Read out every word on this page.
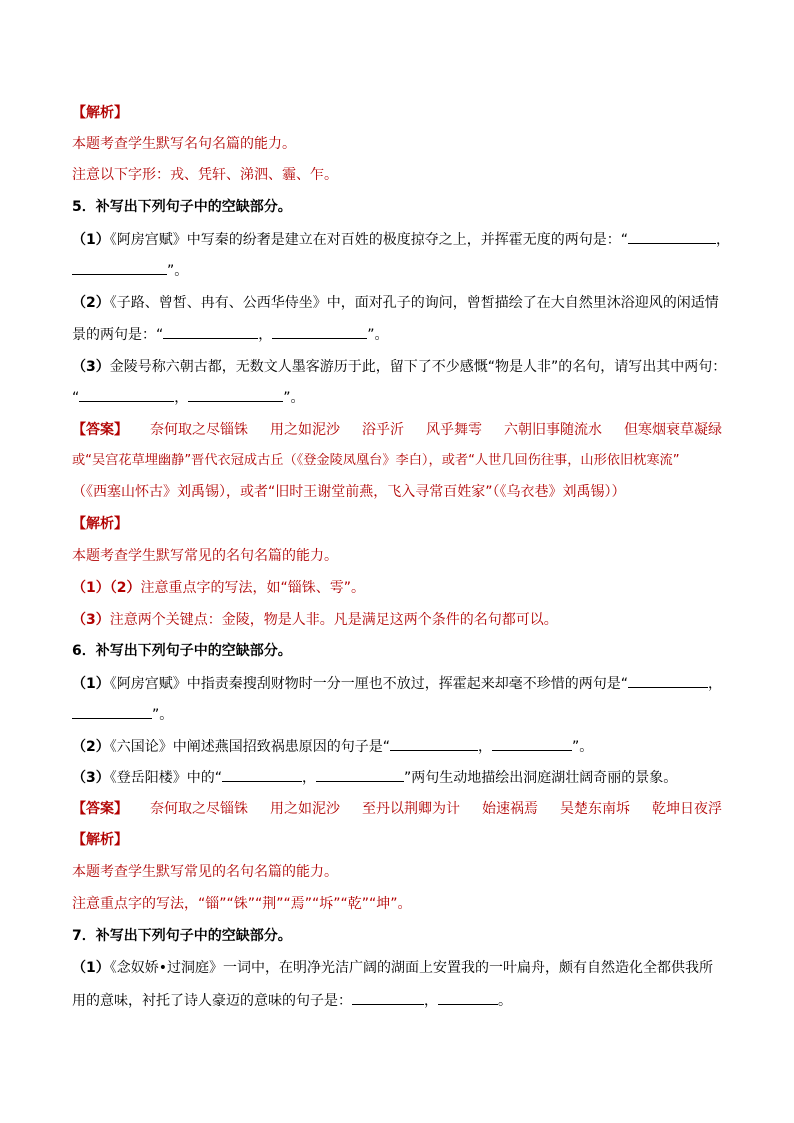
【解析】
本题考查学生默写名句名篇的能力。
注意以下字形：戎、凭轩、涕泗、霾、乍。
5．补写出下列句子中的空缺部分。
（1）《阿房宫赋》中写秦的纷奢是建立在对百姓的极度掠夺之上，并挥霍无度的两句是：“	，
”。
（2）《子路、曾皙、冉有、公西华侍坐》中，面对孔子的询问，曾皙描绘了在大自然里沐浴迎风的闲适情
景的两句是：“	，	”。
（3）金陵号称六朝古都，无数文人墨客游历于此，留下了不少感慨“物是人非”的名句，请写出其中两句：
“	，	”。
【答案】 奈何取之尽锱铢 用之如泥沙 浴乎沂 风乎舞雩 六朝旧事随流水 但寒烟衰草凝绿
或“吴宫花草埋幽静”晋代衣冠成古丘（《登金陵凤凰台》李白），或者“人世几回伤往事，山形依旧枕寒流”
（《西塞山怀古》刘禹锡），或者“旧时王谢堂前燕，飞入寻常百姓家”（《乌衣巷》刘禹锡））
【解析】
本题考查学生默写常见的名句名篇的能力。
（1）（2）注意重点字的写法，如“锱铢、雩”。
（3）注意两个关键点：金陵，物是人非。凡是满足这两个条件的名句都可以。
6．补写出下列句子中的空缺部分。
（1）《阿房宫赋》中指责秦搜刮财物时一分一厘也不放过，挥霍起来却毫不珍惜的两句是“	，
”。
（2）《六国论》中阐述燕国招致祸患原因的句子是“	，	”。
（3）《登岳阳楼》中的“	，	”两句生动地描绘出洞庭湖壮阔奇丽的景象。
【答案】 奈何取之尽锱铢 用之如泥沙 至丹以荆卿为计 始速祸焉 吴楚东南坼 乾坤日夜浮
【解析】
本题考查学生默写常见的名句名篇的能力。
注意重点字的写法，“锱”“铢”“荆”“焉”“坼”“乾”“坤”。
7．补写出下列句子中的空缺部分。
（1）《念奴娇•过洞庭》一词中，在明净光洁广阔的湖面上安置我的一叶扁舟，颇有自然造化全都供我所
用的意味，衬托了诗人豪迈的意味的句子是：	，	。
